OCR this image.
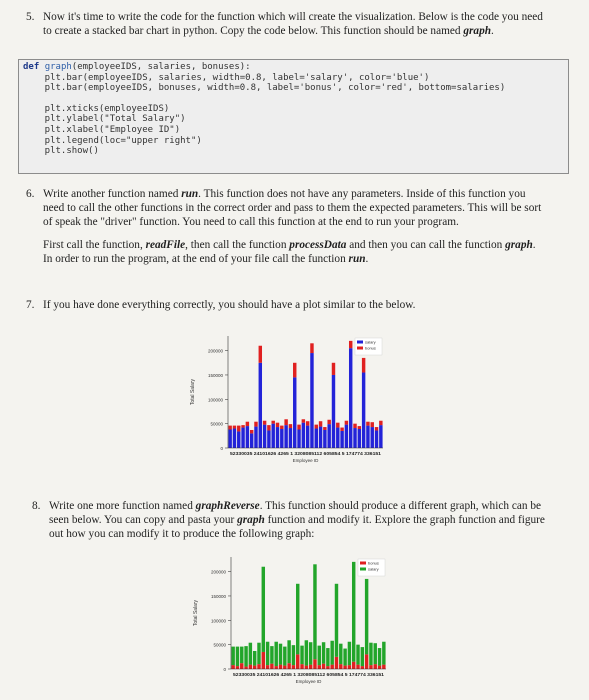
5. Now it's time to write the code for the function which will create the visualization. Below is the code you need to create a stacked bar chart in python. Copy the code below. This function should be named graph.
def graph(employeeIDS, salaries, bonuses):
plt.bar(employeeIDS, salaries, width=0.8, label='salary', color='blue')
plt.bar(employeeIDS, bonuses, width=0.8, label='bonus', color='red', bottom=salaries)
plt.xticks(employeeIDS)
plt.ylabel("Total Salary")
plt.xlabel("Employee ID")
plt.legend(loc="upper right")
plt.show()
6. Write another function named run. This function does not have any parameters. Inside of this function you need to call the other functions in the correct order and pass to them the expected parameters. This will be sort of speak the "driver" function. You need to call this function at the end to run your program.
First call the function, readFile, then call the function processData and then you can call the function graph. In order to run the program, at the end of your file call the function run.
7. If you have done everything correctly, you should have a plot similar to the below.
0
50000
100000
150000
200000
Total Salary
52330035 24101626 4265 1 3208085112 605854 5 174774 336151
Employee ID
salary
bonus
8. Write one more function named graphReverse. This function should produce a different graph, which can be seen below. You can copy and pasta your graph function and modify it. Explore the graph function and figure out how you can modify it to produce the following graph:
0
50000
100000
150000
200000
Total Salary
52330035 24101626 4265 1 3208085112 605854 5 174774 336151
Employee ID
bonus
salary
